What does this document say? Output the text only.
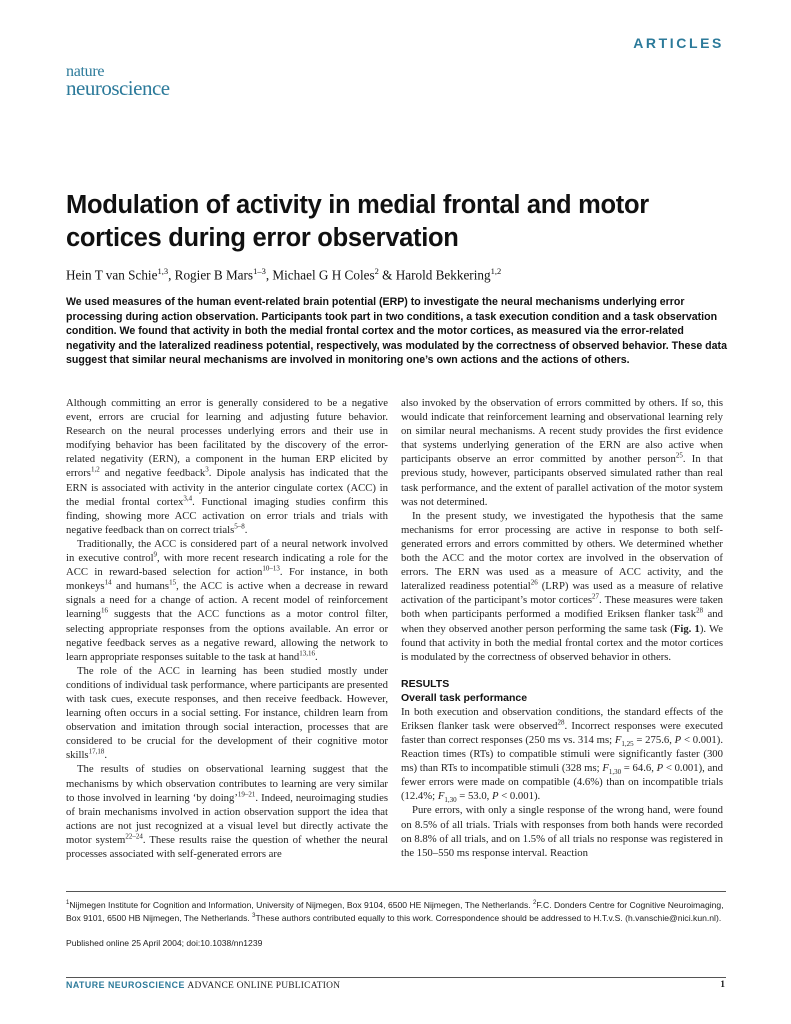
ARTICLES
nature
neuroscience
Modulation of activity in medial frontal and motor cortices during error observation
Hein T van Schie$^{1,3}$, Rogier B Mars$^{1-3}$, Michael G H Coles$^2$ & Harold Bekkering$^{1,2}$
We used measures of the human event-related brain potential (ERP) to investigate the neural mechanisms underlying error processing during action observation. Participants took part in two conditions, a task execution condition and a task observation condition. We found that activity in both the medial frontal cortex and the motor cortices, as measured via the error-related negativity and the lateralized readiness potential, respectively, was modulated by the correctness of observed behavior. These data suggest that similar neural mechanisms are involved in monitoring one’s own actions and the actions of others.

Although committing an error is generally considered to be a negative event, errors are crucial for learning and adjusting future behavior. Research on the neural processes underlying errors and their use in modifying behavior has been facilitated by the discovery of the error-related negativity (ERN), a component in the human ERP elicited by errors$^{1,2}$ and negative feedback$^3$. Dipole analysis has indicated that the ERN is associated with activity in the anterior cingulate cortex (ACC) in the medial frontal cortex$^{3,4}$. Functional imaging studies confirm this finding, showing more ACC activation on error trials and trials with negative feedback than on correct trials$^{5-8}$.

Traditionally, the ACC is considered part of a neural network involved in executive control$^9$, with more recent research indicating a role for the ACC in reward-based selection for action$^{10-13}$. For instance, in both monkeys$^{14}$ and humans$^{15}$, the ACC is active when a decrease in reward signals a need for a change of action. A recent model of reinforcement learning$^{16}$ suggests that the ACC functions as a motor control filter, selecting appropriate responses from the options available. An error or negative feedback serves as a negative reward, allowing the network to learn appropriate responses suitable to the task at hand$^{13,16}$.

The role of the ACC in learning has been studied mostly under conditions of individual task performance, where participants are presented with task cues, execute responses, and then receive feedback. However, learning often occurs in a social setting. For instance, children learn from observation and imitation through social interaction, processes that are considered to be crucial for the development of their cognitive motor skills$^{17,18}$.

The results of studies on observational learning suggest that the mechanisms by which observation contributes to learning are very similar to those involved in learning ‘by doing’$^{19-21}$. Indeed, neuroimaging studies of brain mechanisms involved in action observation support the idea that actions are not just recognized at a visual level but directly activate the motor system$^{22-24}$. These results raise the question of whether the neural processes associated with self-generated errors are

also invoked by the observation of errors committed by others. If so, this would indicate that reinforcement learning and observational learning rely on similar neural mechanisms. A recent study provides the first evidence that systems underlying generation of the ERN are also active when participants observe an error committed by another person$^{25}$. In that previous study, however, participants observed simulated rather than real task performance, and the extent of parallel activation of the motor system was not determined.

In the present study, we investigated the hypothesis that the same mechanisms for error processing are active in response to both self-generated errors and errors committed by others. We determined whether both the ACC and the motor cortex are involved in the observation of errors. The ERN was used as a measure of ACC activity, and the lateralized readiness potential$^{26}$ (LRP) was used as a measure of relative activation of the participant’s motor cortices$^{27}$. These measures were taken both when participants performed a modified Eriksen flanker task$^{28}$ and when they observed another person performing the same task (Fig. 1). We found that activity in both the medial frontal cortex and the motor cortices is modulated by the correctness of observed behavior in others.

RESULTS
Overall task performance

In both execution and observation conditions, the standard effects of the Eriksen flanker task were observed$^{28}$. Incorrect responses were executed faster than correct responses (250 ms vs. 314 ms; $F_{1,25} = 275.6$, P < 0.001). Reaction times (RTs) to compatible stimuli were significantly faster (300 ms) than RTs to incompatible stimuli (328 ms; $F_{1,30} = 64.6$, P < 0.001), and fewer errors were made on compatible (4.6%) than on incompatible trials (12.4%; $F_{1,30} = 53.0$, P < 0.001).

Pure errors, with only a single response of the wrong hand, were found on 8.5% of all trials. Trials with responses from both hands were recorded on 8.8% of all trials, and on 1.5% of all trials no response was registered in the 150–550 ms response interval. Reaction

$^1$Nijmegen Institute for Cognition and Information, University of Nijmegen, Box 9104, 6500 HE Nijmegen, The Netherlands. $^2$F.C. Donders Centre for Cognitive Neuroimaging, Box 9101, 6500 HB Nijmegen, The Netherlands. $^3$These authors contributed equally to this work. Correspondence should be addressed to H.T.v.S. (h.vanschie@nici.kun.nl).
Published online 25 April 2004; doi:10.1038/nn1239
NATURE NEUROSCIENCE ADVANCE ONLINE PUBLICATION	1
